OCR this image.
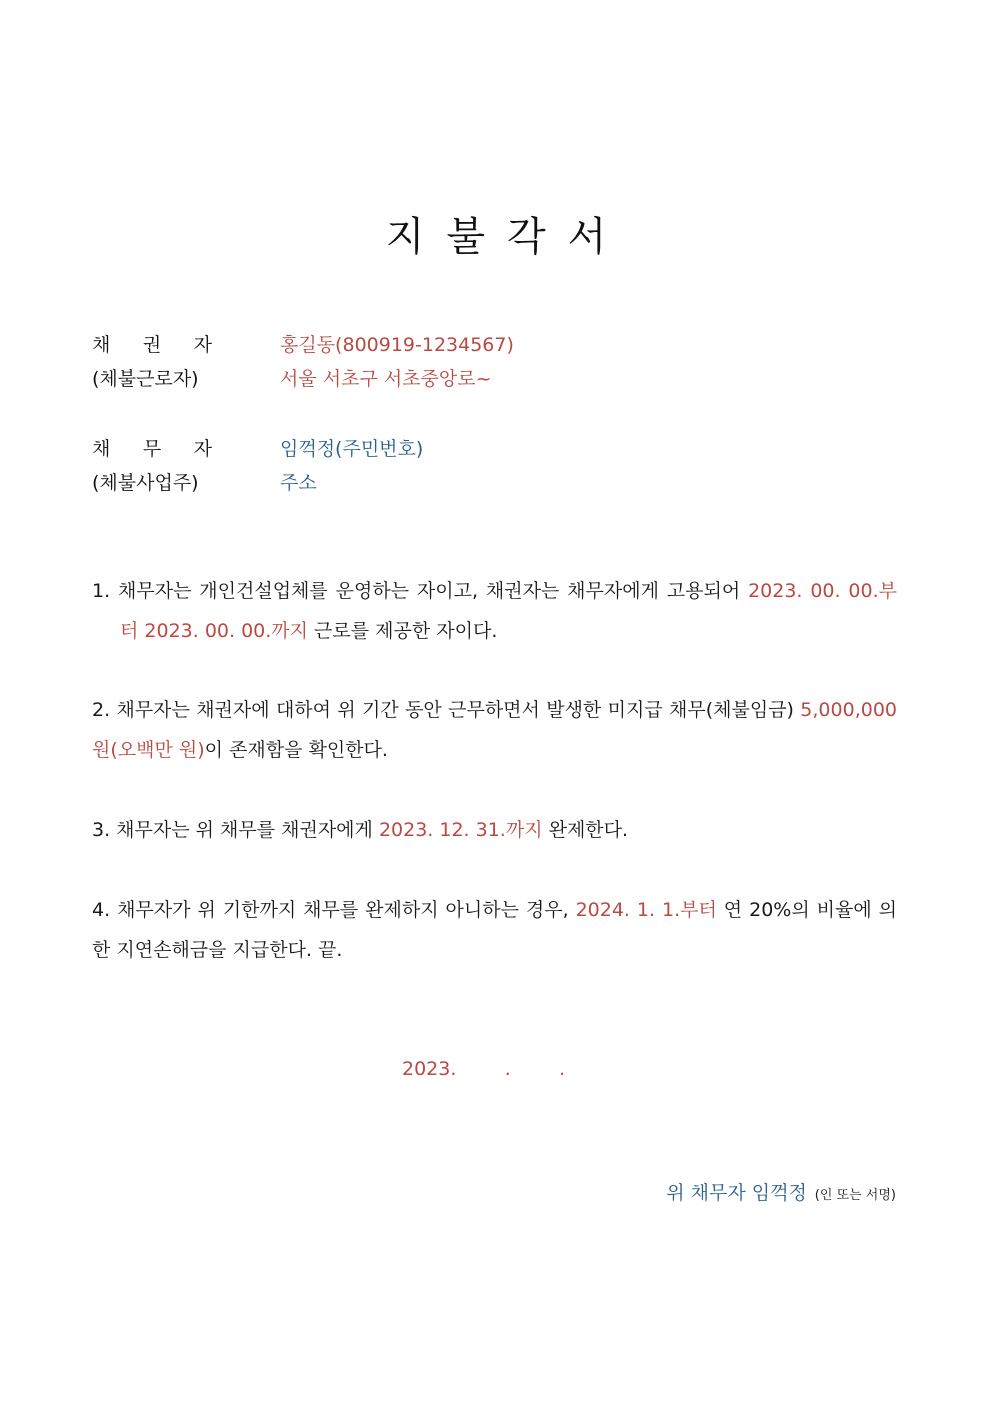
지불각서
채 권 자
(체불근로자)
홍길동(800919-1234567)
서울 서초구 서초중앙로~
채 무 자
(체불사업주)
임꺽정(주민번호)
주소
1. 채무자는 개인건설업체를 운영하는 자이고, 채권자는 채무자에게 고용되어 2023. 00. 00.부터 2023. 00. 00.까지 근로를 제공한 자이다.
2. 채무자는 채권자에 대하여 위 기간 동안 근무하면서 발생한 미지급 채무(체불임금) 5,000,000원(오백만 원)이 존재함을 확인한다.
3. 채무자는 위 채무를 채권자에게 2023. 12. 31.까지 완제한다.
4. 채무자가 위 기한까지 채무를 완제하지 아니하는 경우, 2024. 1. 1.부터 연 20%의 비율에 의한 지연손해금을 지급한다. 끝.
2023.        .        .
위 채무자 임꺽정 (인 또는 서명)
